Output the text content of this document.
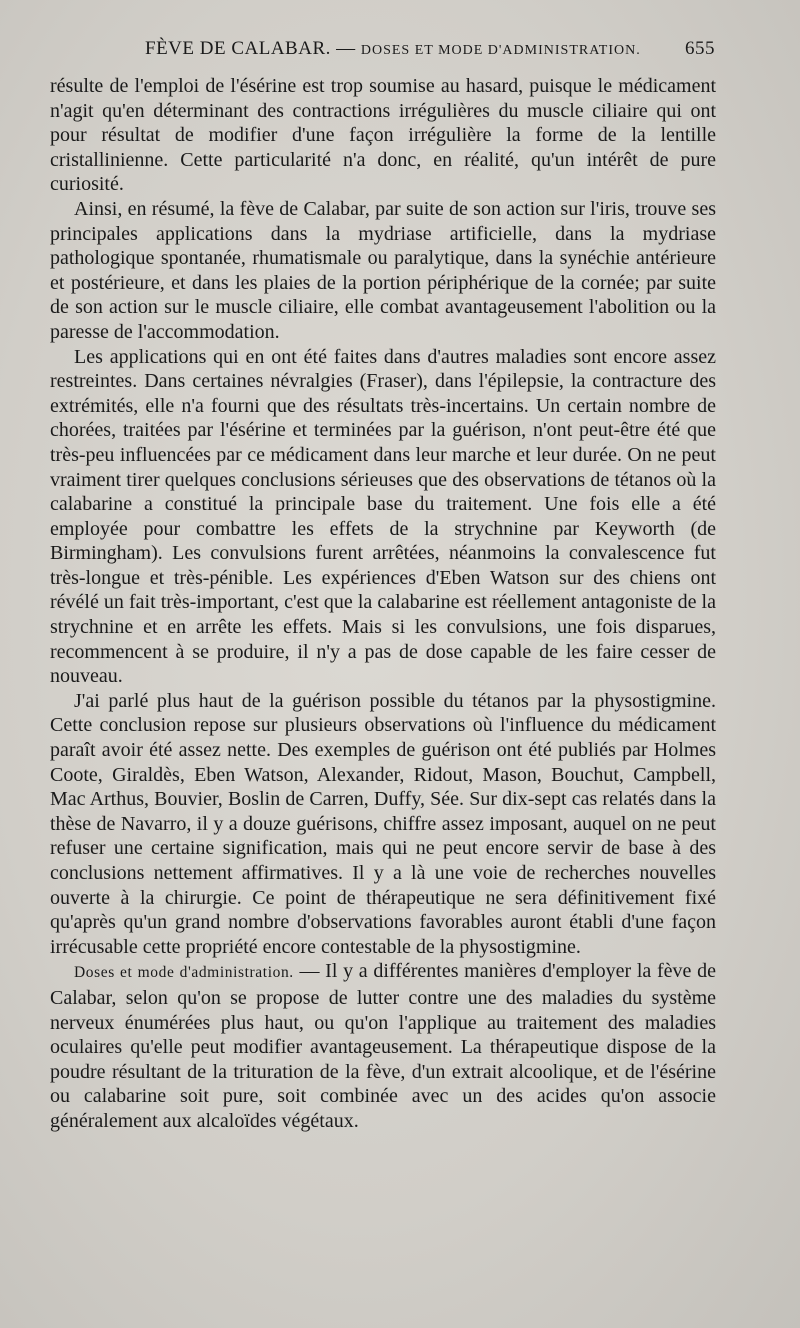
FÈVE DE CALABAR. — DOSES ET MODE D'ADMINISTRATION. 655

résulte de l'emploi de l'ésérine est trop soumise au hasard, puisque le médicament n'agit qu'en déterminant des contractions irrégulières du muscle ciliaire qui ont pour résultat de modifier d'une façon irrégulière la forme de la lentille cristallinienne. Cette particularité n'a donc, en réalité, qu'un intérêt de pure curiosité.

Ainsi, en résumé, la fève de Calabar, par suite de son action sur l'iris, trouve ses principales applications dans la mydriase artificielle, dans la mydriase pathologique spontanée, rhumatismale ou paralytique, dans la synéchie antérieure et postérieure, et dans les plaies de la portion périphérique de la cornée; par suite de son action sur le muscle ciliaire, elle combat avantageusement l'abolition ou la paresse de l'accommodation.

Les applications qui en ont été faites dans d'autres maladies sont encore assez restreintes. Dans certaines névralgies (Fraser), dans l'épilepsie, la contracture des extrémités, elle n'a fourni que des résultats très-incertains. Un certain nombre de chorées, traitées par l'ésérine et terminées par la guérison, n'ont peut-être été que très-peu influencées par ce médicament dans leur marche et leur durée. On ne peut vraiment tirer quelques conclusions sérieuses que des observations de tétanos où la calabarine a constitué la principale base du traitement. Une fois elle a été employée pour combattre les effets de la strychnine par Keyworth (de Birmingham). Les convulsions furent arrêtées, néanmoins la convalescence fut très-longue et très-pénible. Les expériences d'Eben Watson sur des chiens ont révélé un fait très-important, c'est que la calabarine est réellement antagoniste de la strychnine et en arrête les effets. Mais si les convulsions, une fois disparues, recommencent à se produire, il n'y a pas de dose capable de les faire cesser de nouveau.

J'ai parlé plus haut de la guérison possible du tétanos par la physostigmine. Cette conclusion repose sur plusieurs observations où l'influence du médicament paraît avoir été assez nette. Des exemples de guérison ont été publiés par Holmes Coote, Giraldès, Eben Watson, Alexander, Ridout, Mason, Bouchut, Campbell, Mac Arthus, Bouvier, Boslin de Carren, Duffy, Sée. Sur dix-sept cas relatés dans la thèse de Navarro, il y a douze guérisons, chiffre assez imposant, auquel on ne peut refuser une certaine signification, mais qui ne peut encore servir de base à des conclusions nettement affirmatives. Il y a là une voie de recherches nouvelles ouverte à la chirurgie. Ce point de thérapeutique ne sera définitivement fixé qu'après qu'un grand nombre d'observations favorables auront établi d'une façon irrécusable cette propriété encore contestable de la physostigmine.

Doses et mode d'administration. — Il y a différentes manières d'employer la fève de Calabar, selon qu'on se propose de lutter contre une des maladies du système nerveux énumérées plus haut, ou qu'on l'applique au traitement des maladies oculaires qu'elle peut modifier avantageusement. La thérapeutique dispose de la poudre résultant de la trituration de la fève, d'un extrait alcoolique, et de l'ésérine ou calabarine soit pure, soit combinée avec un des acides qu'on associe généralement aux alcaloïdes végétaux.
